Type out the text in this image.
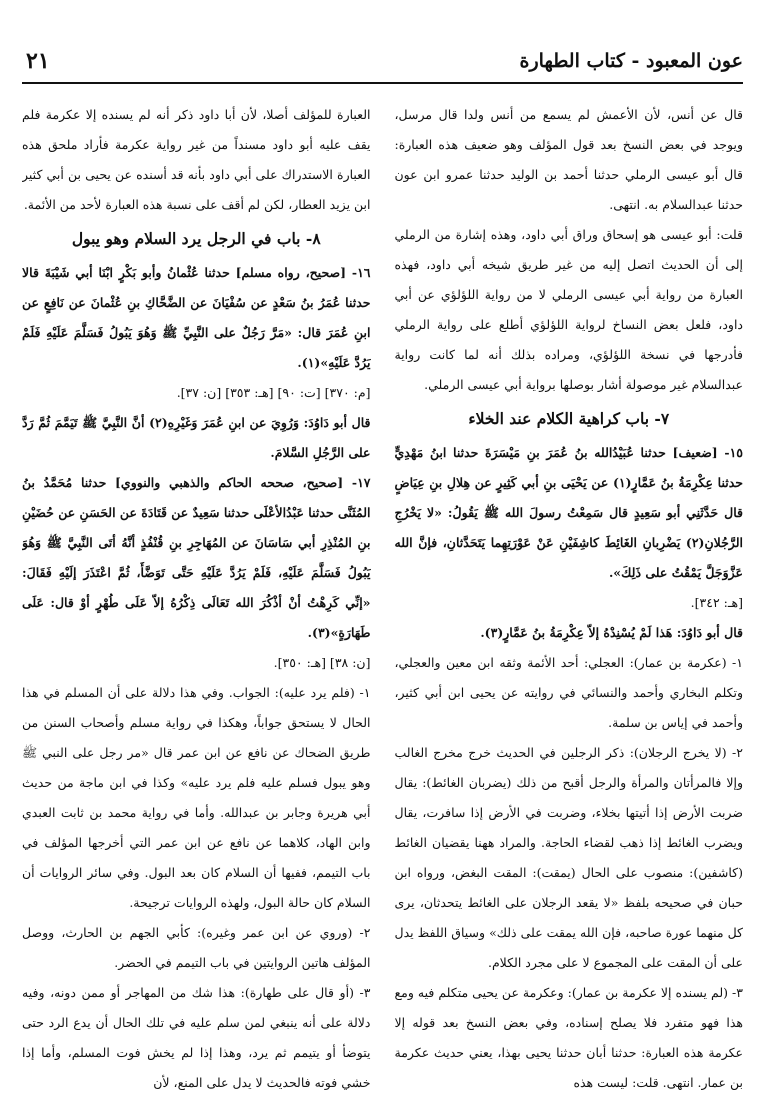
عون المعبود - كتاب الطهارة
٢١

قال عن أنس، لأن الأعمش لم يسمع من أنس ولدا قال مرسل، ويوجد في بعض النسخ بعد قول المؤلف وهو ضعيف هذه العبارة: قال أبو عيسى الرملي حدثنا أحمد بن الوليد حدثنا عمرو ابن عون حدثنا عبدالسلام به. انتهى.

قلت: أبو عيسى هو إسحاق وراق أبي داود، وهذه إشارة من الرملي إلى أن الحديث اتصل إليه من غير طريق شيخه أبي داود، فهذه العبارة من رواية أبي عيسى الرملي لا من رواية اللؤلؤي عن أبي داود، فلعل بعض النساخ لرواية اللؤلؤي أطلع على رواية الرملي فأدرجها في نسخة اللؤلؤي، ومراده بذلك أنه لما كانت رواية عبدالسلام غير موصولة أشار بوصلها برواية أبي عيسى الرملي.

٧- باب كراهية الكلام عند الخلاء

١٥- [ضعيف] حدثنا عُبَيْدُالله بنُ عُمَرَ بنِ مَيْسَرَةَ حدثنا ابنُ مَهْدِيٍّ حدثنا عِكْرِمَةُ بنُ عَمَّارٍ(١) عن يَحْيَى بنِ أبي كَثِيرٍ عن هِلالِ بنِ عِيَاضٍ قال حَدَّثَنِي أبو سَعِيدٍ قال سَمِعْتُ رسولَ الله ﷺ يَقُولُ: «لا يَخْرُجِ الرَّجُلانِ(٢) يَضْرِبانِ الغَائِطَ كاشِفَيْنِ عَنْ عَوْرَتِهِما يَتَحَدَّثانِ، فإنَّ الله عَزَّوَجَلَّ يَمْقُتُ على ذَلِكَ».

[هـ: ٣٤٢].

قال أبو دَاوُدَ: هَذا لَمْ يُسْنِدْهُ إلاّ عِكْرِمَةُ بنُ عَمَّارٍ(٣).

١- (عكرمة بن عمار): العجلي: أحد الأئمة وثقه ابن معين والعجلي، وتكلم البخاري وأحمد والنسائي في روايته عن يحيى ابن أبي كثير، وأحمد في إياس بن سلمة.

٢- (لا يخرج الرجلان): ذكر الرجلين في الحديث خرج مخرج الغالب وإلا فالمرأتان والمرأة والرجل أقبح من ذلك (يضربان الغائط): يقال ضربت الأرض إذا أتيتها بخلاء، وضربت في الأرض إذا سافرت، يقال ويضرب الغائط إذا ذهب لقضاء الحاجة. والمراد ههنا يقضيان الغائط (كاشفين): منصوب على الحال (يمقت): المقت البغض، ورواه ابن حبان في صحيحه بلفظ «لا يقعد الرجلان على الغائط يتحدثان، يرى كل منهما عورة صاحبه، فإن الله يمقت على ذلك» وسياق اللفظ يدل على أن المقت على المجموع لا على مجرد الكلام.

٣- (لم يسنده إلا عكرمة بن عمار): وعكرمة عن يحيى متكلم فيه ومع هذا فهو متفرد فلا يصلح إسناده، وفي بعض النسخ بعد قوله إلا عكرمة هذه العبارة: حدثنا أبان حدثنا يحيى بهذا، يعني حديث عكرمة بن عمار. انتهى. قلت: ليست هذه

العبارة للمؤلف أصلا، لأن أبا داود ذكر أنه لم يسنده إلا عكرمة فلم يقف عليه أبو داود مسنداً من غير رواية عكرمة فأراد ملحق هذه العبارة الاستدراك على أبي داود بأنه قد أسنده عن يحيى بن أبي كثير ابن يزيد العطار، لكن لم أقف على نسبة هذه العبارة لأحد من الأئمة.

٨- باب في الرجل يرد السلام وهو يبول

١٦- [صحيح، رواه مسلم] حدثنا عُثْمانُ وأبو بَكْرٍ ابْنَا أبي شَيْبَةَ قالا حدثنا عُمَرُ بنُ سَعْدٍ عن سُفْيَانَ عن الضَّحَّاكِ بنِ عُثْمانَ عن نَافِعٍ عن ابنِ عُمَرَ قال: «مَرَّ رَجُلٌ على النَّبِيِّ ﷺ وَهُوَ يَبُولُ فَسَلَّمَ عَلَيْهِ فَلَمْ يَرُدَّ عَلَيْهِ»(١).

[م: ٣٧٠] [ت: ٩٠] [هـ: ٣٥٣] [ن: ٣٧].

قال أبو دَاوُدَ: وَرُوِيَ عن ابنِ عُمَرَ وَغَيْرِهِ(٢) أنَّ النَّبِيَّ ﷺ تَيَمَّمَ ثُمَّ رَدَّ على الرَّجُلِ السَّلامَ.

١٧- [صحيح، صححه الحاكم والذهبي والنووي] حدثنا مُحَمَّدُ بنُ المُثَنَّى حدثنا عَبْدُالأعْلَى حدثنا سَعِيدٌ عن قَتَادَةَ عن الحَسَنِ عن حُضَيْنِ بنِ المُنْذِرِ أبي سَاسَانَ عن المُهَاجِرِ بنِ قُنْفُذٍ أنَّهُ أتَى النَّبِيَّ ﷺ وَهُوَ يَبُولُ فَسَلَّمَ عَلَيْهِ، فَلَمْ يَرُدَّ عَلَيْهِ حَتَّى تَوَضَّأَ، ثُمَّ اعْتَذَرَ إلَيْهِ فَقَالَ: «إنِّي كَرِهْتُ أنْ أذْكُرَ الله تَعَالَى ذِكْرُهُ إلاّ عَلَى طُهْرٍ أوْ قال: عَلَى طَهَارَةٍ»(٣).

[ن: ٣٨] [هـ: ٣٥٠].

١- (فلم يرد عليه): الجواب. وفي هذا دلالة على أن المسلم في هذا الحال لا يستحق جواباً، وهكذا في رواية مسلم وأصحاب السنن من طريق الضحاك عن نافع عن ابن عمر قال «مر رجل على النبي ﷺ وهو يبول فسلم عليه فلم يرد عليه» وكذا في ابن ماجة من حديث أبي هريرة وجابر بن عبدالله. وأما في رواية محمد بن ثابت العبدي وابن الهاد، كلاهما عن نافع عن ابن عمر التي أخرجها المؤلف في باب التيمم، ففيها أن السلام كان بعد البول. وفي سائر الروايات أن السلام كان حالة البول، ولهذه الروايات ترجيحة.

٢- (وروي عن ابن عمر وغيره): كأبي الجهم بن الحارث، ووصل المؤلف هاتين الروايتين في باب التيمم في الحضر.

٣- (أو قال على طهارة): هذا شك من المهاجر أو ممن دونه، وفيه دلالة على أنه ينبغي لمن سلم عليه في تلك الحال أن يدع الرد حتى يتوضأ أو يتيمم ثم يرد، وهذا إذا لم يخش فوت المسلم، وأما إذا خشي فوته فالحديث لا يدل على المنع، لأن
